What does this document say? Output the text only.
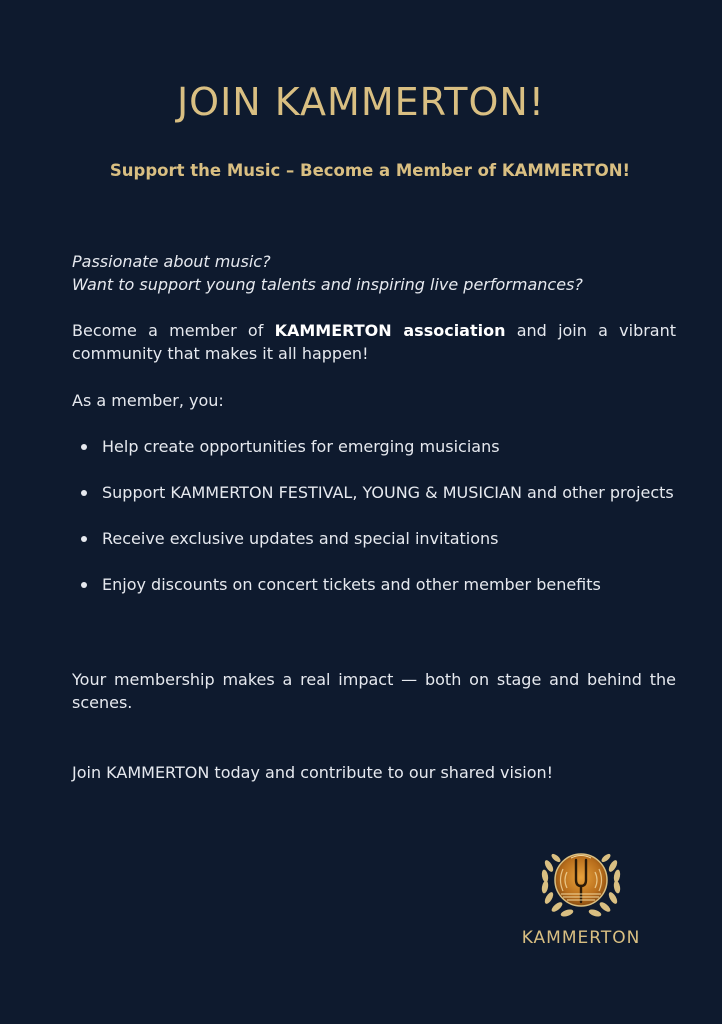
JOIN KAMMERTON!
Support the Music – Become a Member of KAMMERTON!
Passionate about music?
Want to support young talents and inspiring live performances?

Become a member of KAMMERTON association and join a vibrant community that makes it all happen!

As a member, you:

Help create opportunities for emerging musicians
Support KAMMERTON FESTIVAL, YOUNG & MUSICIAN and other projects
Receive exclusive updates and special invitations
Enjoy discounts on concert tickets and other member benefits

Your membership makes a real impact — both on stage and behind the scenes.

Join KAMMERTON today and contribute to our shared vision!

KAMMERTON
